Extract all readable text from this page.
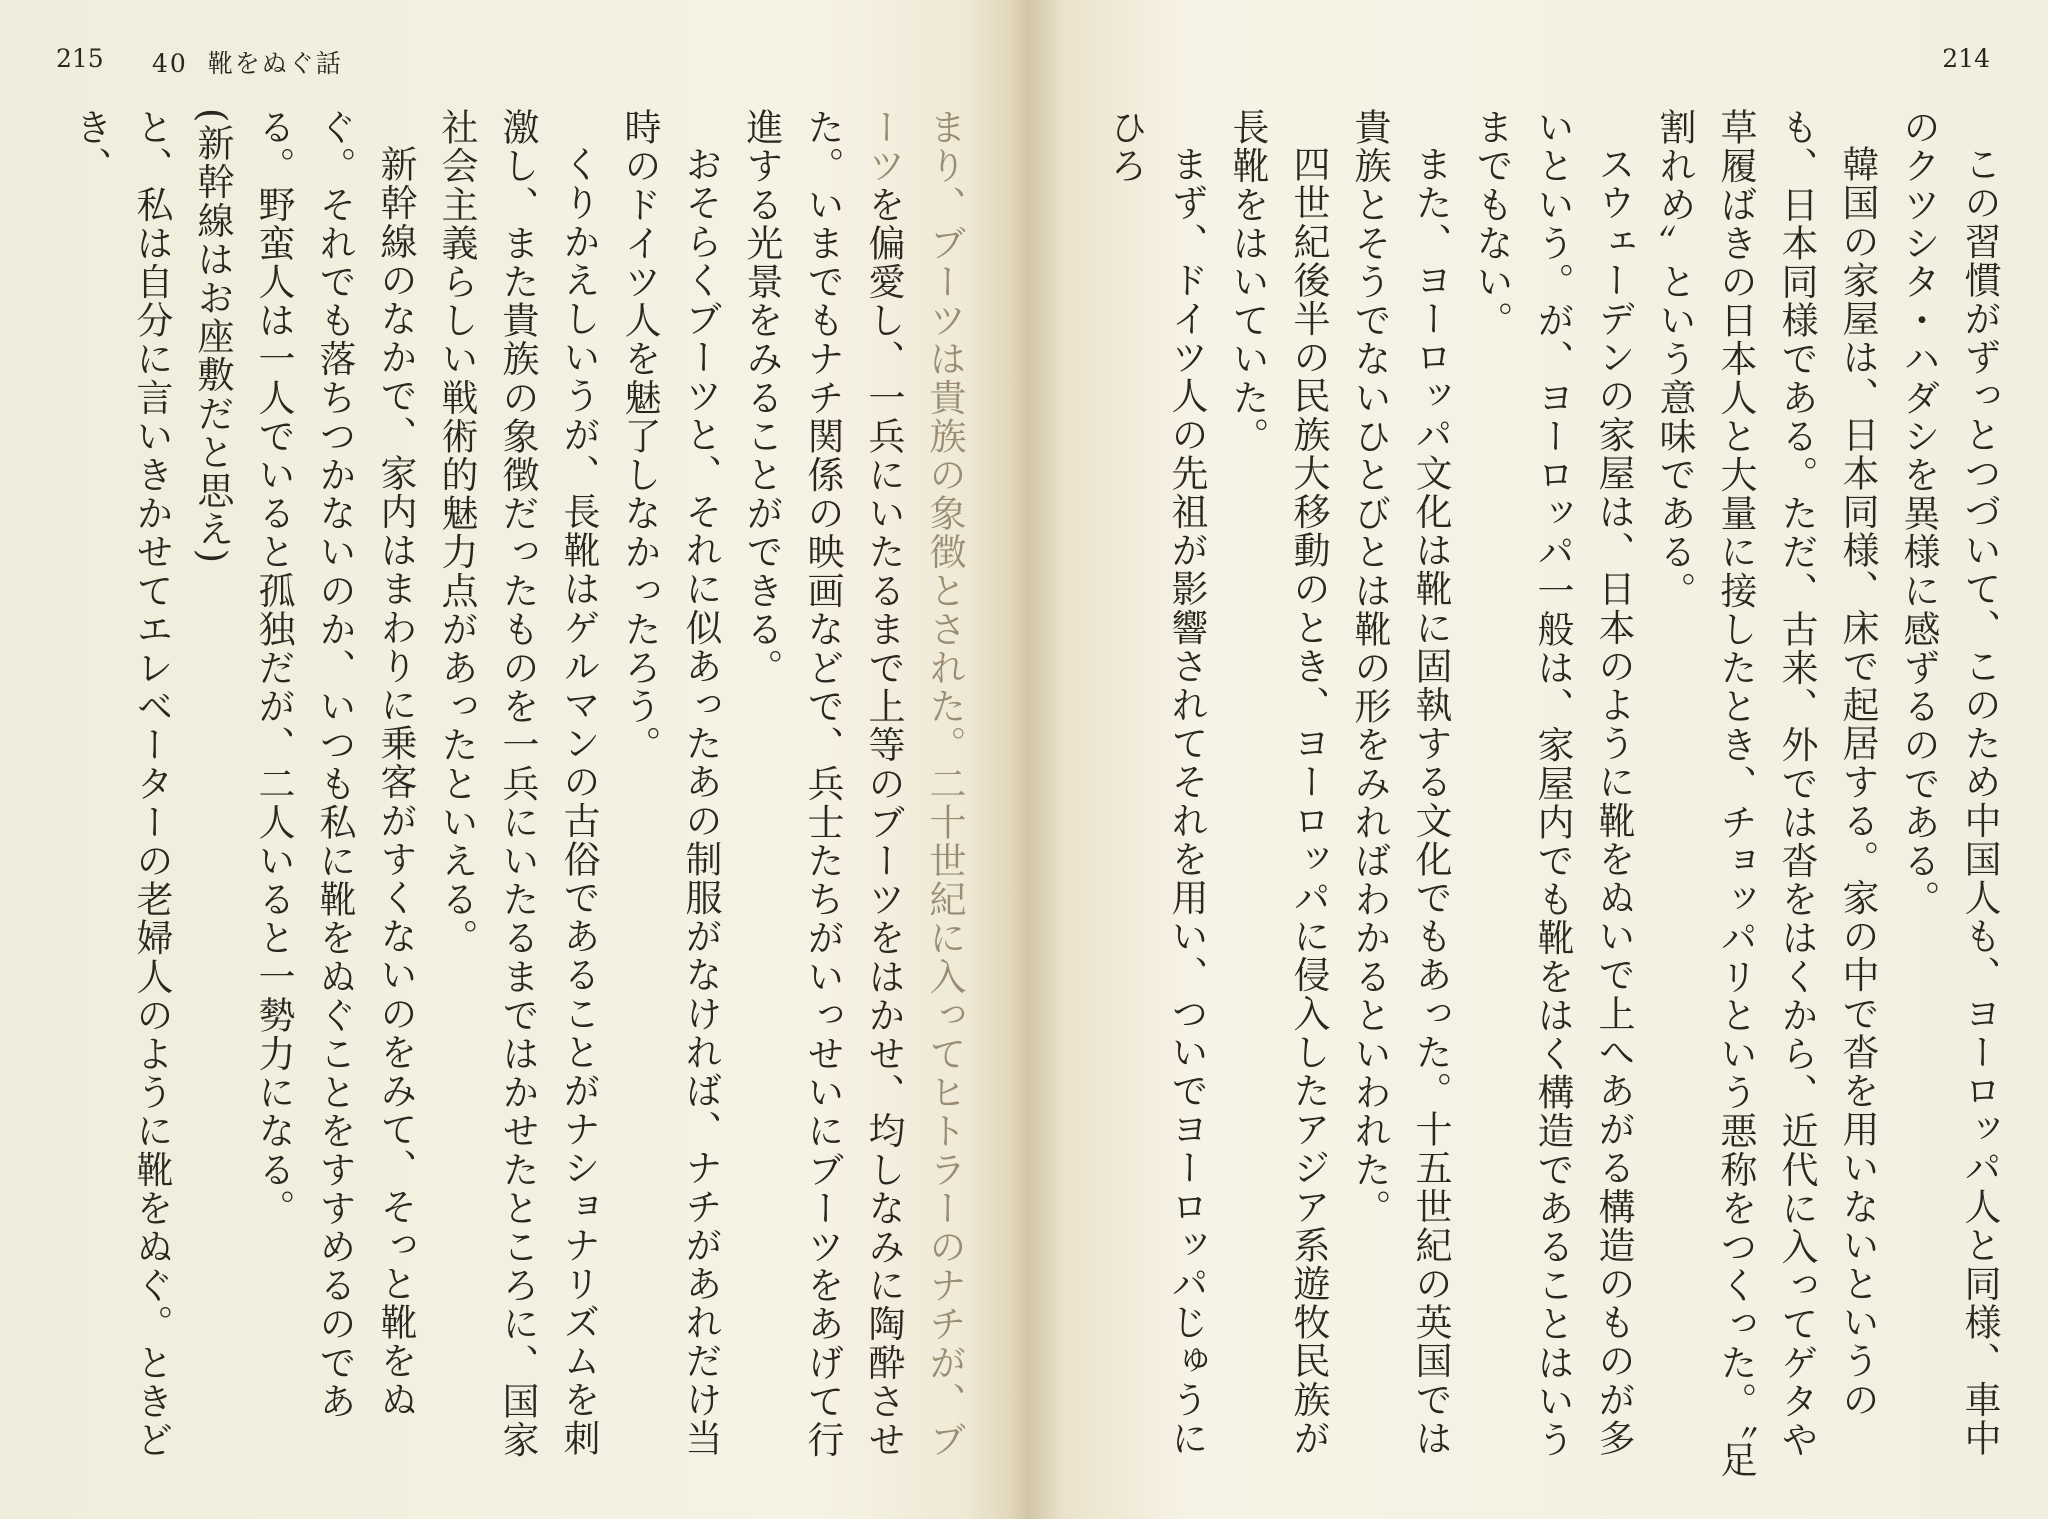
215 40 靴をぬぐ話

まり、ブーツは貴族の象徴とされた。二十世紀に入ってヒトラーのナチが、ブーツを偏愛し、一兵にいたるまで上等のブーツをはかせ、均しなみに陶酔させた。いまでもナチ関係の映画などで、兵士たちがいっせいにブーツをあげて行進する光景をみることができる。

おそらくブーツと、それに似あったあの制服がなければ、ナチがあれだけ当時のドイツ人を魅了しなかったろう。

くりかえしいうが、長靴はゲルマンの古俗であることがナショナリズムを刺激し、また貴族の象徴だったものを一兵にいたるまではかせたところに、国家社会主義らしい戦術的魅力点があったといえる。

新幹線のなかで、家内はまわりに乗客がすくないのをみて、そっと靴をぬぐ。それでも落ちつかないのか、いつも私に靴をぬぐことをすすめるのである。野蛮人は一人でいると孤独だが、二人いると一勢力になる。

(新幹線はお座敷だと思え)

と、私は自分に言いきかせてエレベーターの老婦人のように靴をぬぐ。ときどき、

214

この習慣がずっとつづいて、このため中国人も、ヨーロッパ人と同様、車中のクツシタ・ハダシを異様に感ずるのである。

韓国の家屋は、日本同様、床で起居する。家の中で沓を用いないというのも、日本同様である。ただ、古来、外では沓をはくから、近代に入ってゲタや草履ばきの日本人と大量に接したとき、チョッパリという悪称をつくった。〝足割れめ〟という意味である。

スウェーデンの家屋は、日本のように靴をぬいで上へあがる構造のものが多いという。が、ヨーロッパ一般は、家屋内でも靴をはく構造であることはいうまでもない。

また、ヨーロッパ文化は靴に固執する文化でもあった。十五世紀の英国では貴族とそうでないひとびとは靴の形をみればわかるといわれた。

四世紀後半の民族大移動のとき、ヨーロッパに侵入したアジア系遊牧民族が長靴をはいていた。

まず、ドイツ人の先祖が影響されてそれを用い、ついでヨーロッパじゅうにひろ
